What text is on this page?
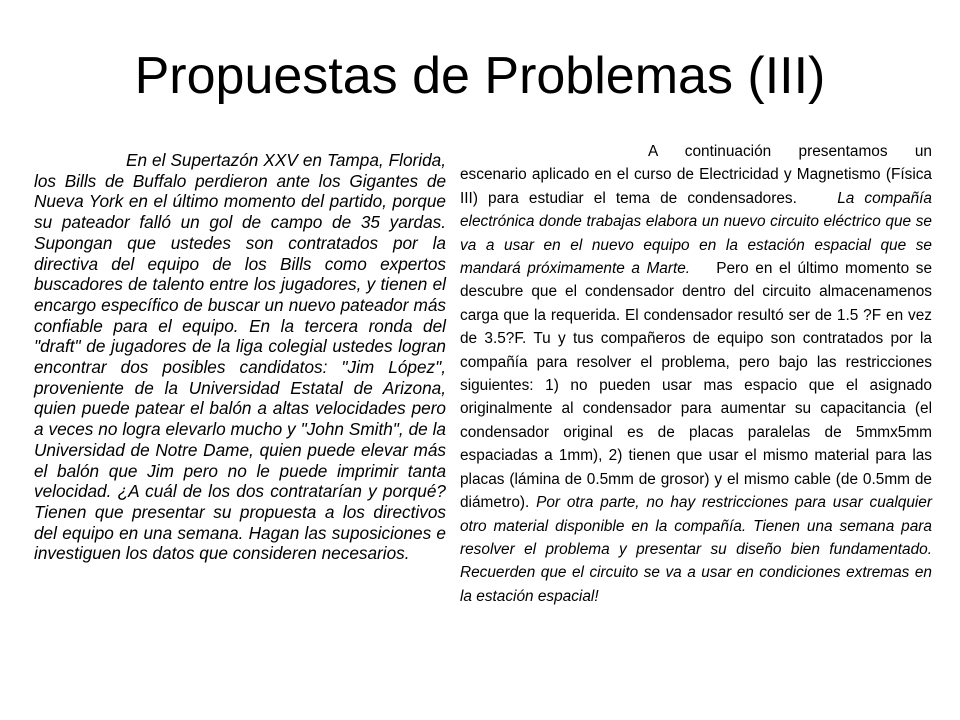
Propuestas de Problemas (III)
En el Supertazón XXV en Tampa, Florida, los Bills de Buffalo perdieron ante los Gigantes de Nueva York en el último momento del partido, porque su pateador falló un gol de campo de 35 yardas. Supongan que ustedes son contratados por la directiva del equipo de los Bills como expertos buscadores de talento entre los jugadores, y tienen el encargo específico de buscar un nuevo pateador más confiable para el equipo. En la tercera ronda del "draft" de jugadores de la liga colegial ustedes logran encontrar dos posibles candidatos: "Jim López", proveniente de la Universidad Estatal de Arizona, quien puede patear el balón a altas velocidades pero a veces no logra elevarlo mucho y "John Smith", de la Universidad de Notre Dame, quien puede elevar más el balón que Jim pero no le puede imprimir tanta velocidad. ¿A cuál de los dos contratarían y porqué? Tienen que presentar su propuesta a los directivos del equipo en una semana. Hagan las suposiciones e investiguen los datos que consideren necesarios.
A continuación presentamos un escenario aplicado en el curso de Electricidad y Magnetismo (Física III) para estudiar el tema de condensadores.	La compañía electrónica donde trabajas elabora un nuevo circuito eléctrico que se va a usar en el nuevo equipo en la estación espacial que se mandará próximamente a Marte. Pero en el último momento se descubre que el condensador dentro del circuito almacenamenos carga que la requerida. El condensador resultó ser de 1.5 ?F en vez de 3.5?F. Tu y tus compañeros de equipo son contratados por la compañía para resolver el problema, pero bajo las restricciones siguientes: 1) no pueden usar mas espacio que el asignado originalmente al condensador para aumentar su capacitancia (el condensador original es de placas paralelas de 5mmx5mm espaciadas a 1mm), 2) tienen que usar el mismo material para las placas (lámina de 0.5mm de grosor) y el mismo cable (de 0.5mm de diámetro). Por otra parte, no hay restricciones para usar cualquier otro material disponible en la compañía. Tienen una semana para resolver el problema y presentar su diseño bien fundamentado. Recuerden que el circuito se va a usar en condiciones extremas en la estación espacial!
